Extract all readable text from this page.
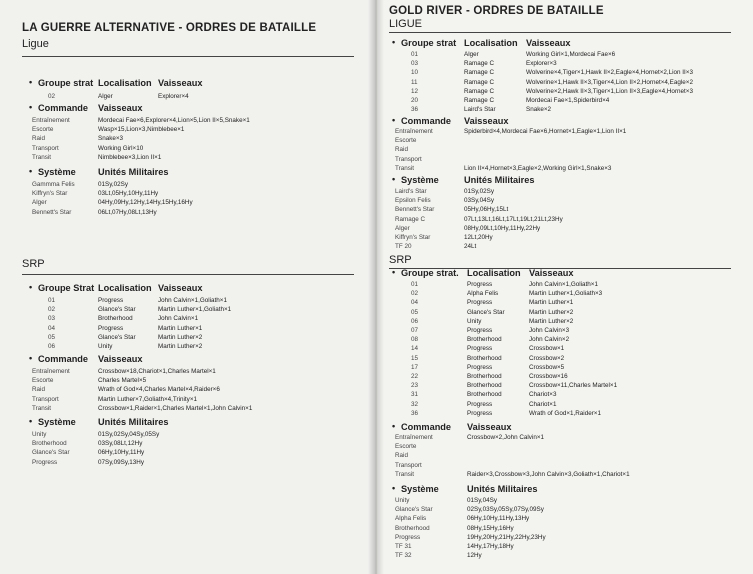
LA GUERRE ALTERNATIVE - ORDRES DE BATAILLE
Ligue
• Groupe strat Localisation Vaisseaux
02	Alger	Explorer×4
• Commande Vaisseaux
Entraînement	Mordecai Fae×6,Explorer×4,Lion×5,Lion II×5,Snake×1
Escorte	Wasp×15,Lion×3,Nimblebee×1
Raid	Snake×3
Transport	Working Girl×10
Transit	Nimblebee×3,Lion II×1
• Système Unités Militaires
Gammma Felis	01Sy,02Sy
Kiffryn's Star	03Lt,05Hy,10Hy,11Hy
Alger	04Hy,09Hy,12Hy,14Hy,15Hy,16Hy
Bennett's Star	06Lt,07Hy,08Lt,13Hy
SRP
• Groupe Strat Localisation Vaisseaux
01	Progress	John Calvin×1,Goliath×1
02	Glance's Star	Martin Luther×1,Goliath×1
03	Brotherhood	John Calvin×1
04	Progress	Martin Luther×1
05	Glance's Star	Martin Luther×2
06	Unity	Martin Luther×2
• Commande Vaisseaux
Entraînement	Crossbow×18,Chariot×1,Charles Martel×1
Escorte	Charles Martel×5
Raid	Wrath of God×4,Charles Martel×4,Raider×6
Transport	Martin Luther×7,Goliath×4,Trinity×1
Transit	Crossbow×1,Raider×1,Charles Martel×1,John Calvin×1
• Système Unités Militaires
Unity	01Sy,02Sy,04Sy,05Sy
Brotherhood	03Sy,08Lt,12Hy
Glance's Star	06Hy,10Hy,11Hy
Progress	07Sy,09Sy,13Hy
GOLD RIVER - ORDRES DE BATAILLE
LIGUE
• Groupe strat Localisation Vaisseaux
01	Alger	Working Girl×1,Mordecai Fae×6
03	Ramage C	Explorer×3
10	Ramage C	Wolverine×4,Tiger×1,Hawk II×2,Eagle×4,Hornet×2,Lion II×3
11	Ramage C	Wolverine×1,Hawk II×3,Tiger×4,Lion II×2,Hornet×4,Eagle×2
12	Ramage C	Wolverine×2,Hawk II×3,Tiger×1,Lion II×3,Eagle×4,Hornet×3
20	Ramage C	Mordecai Fae×1,Spiderbird×4
36	Laird's Star	Snake×2
• Commande Vaisseaux
Entraînement	Spiderbird×4,Mordecai Fae×6,Hornet×1,Eagle×1,Lion II×1
Escorte
Raid
Transport
Transit	Lion II×4,Hornet×3,Eagle×2,Working Girl×1,Snake×3
• Système	Unités Militaires
Laird's Star	01Sy,02Sy
Epsilon Felis	03Sy,04Sy
Bennett's Star	05Hy,06Hy,15Lt
Ramage C	07Lt,13Lt,16Lt,17Lt,19Lt,21Lt,23Hy
Alger	08Hy,09Lt,10Hy,11Hy,22Hy
Kiffryn's Star	12Lt,20Hy
TF 20	24Lt
SRP
• Groupe strat. Localisation Vaisseaux
01	Progress	John Calvin×1,Goliath×1
02	Alpha Felis	Martin Luther×1,Goliath×3
04	Progress	Martin Luther×1
05	Glance's Star	Martin Luther×2
06	Unity	Martin Luther×2
07	Progress	John Calvin×3
08	Brotherhood	John Calvin×2
14	Progress	Crossbow×1
15	Brotherhood	Crossbow×2
17	Progress	Crossbow×5
22	Brotherhood	Crossbow×16
23	Brotherhood	Crossbow×11,Charles Martel×1
31	Brotherhood	Chariot×3
32	Progress	Chariot×1
36	Progress	Wrath of God×1,Raider×1
• Commande Vaisseaux
Entraînement	Crossbow×2,John Calvin×1
Escorte
Raid
Transport
Transit	Raider×3,Crossbow×3,John Calvin×3,Goliath×1,Chariot×1
• Système	Unités Militaires
Unity	01Sy,04Sy
Glance's Star	02Sy,03Sy,05Sy,07Sy,09Sy
Alpha Felis	06Hy,10Hy,11Hy,13Hy
Brotherhood	08Hy,15Hy,16Hy
Progress	19Hy,20Hy,21Hy,22Hy,23Hy
TF 31	14Hy,17Hy,18Hy
TF 32	12Hy
